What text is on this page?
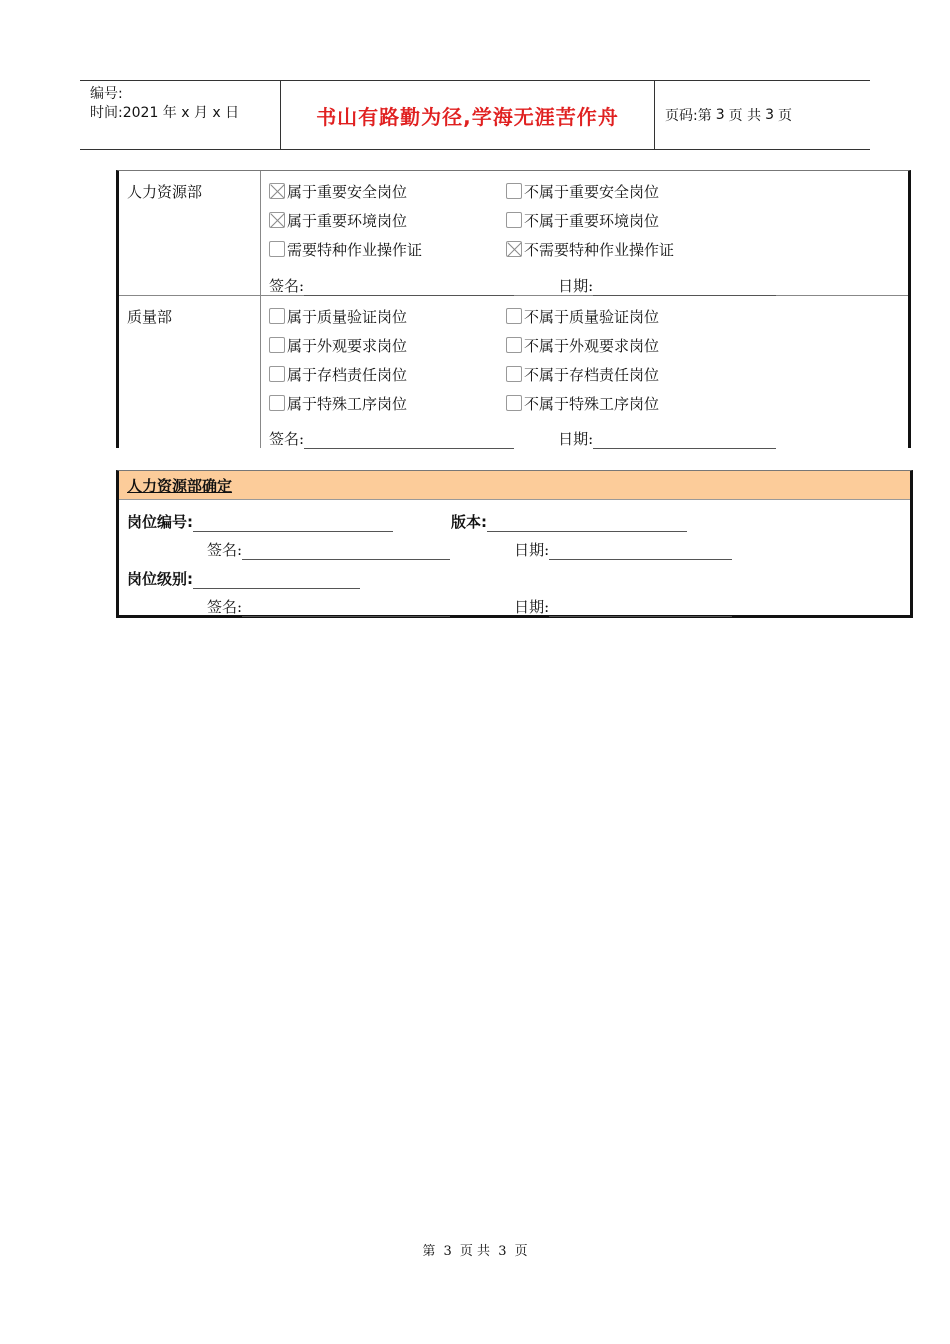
编号:
时间:2021 年 x 月 x 日	书山有路勤为径,学海无涯苦作舟	页码:第 3 页 共 3 页
人力资源部	属于重要安全岗位	不属于重要安全岗位
属于重要环境岗位	不属于重要环境岗位
需要特种作业操作证	不需要特种作业操作证
签名:	日期:
质量部	属于质量验证岗位	不属于质量验证岗位
属于外观要求岗位	不属于外观要求岗位
属于存档责任岗位	不属于存档责任岗位
属于特殊工序岗位	不属于特殊工序岗位
签名:	日期:
人力资源部确定
岗位编号:	版本:
签名:	日期:
岗位级别:
签名:	日期:
第 3 页 共 3 页
